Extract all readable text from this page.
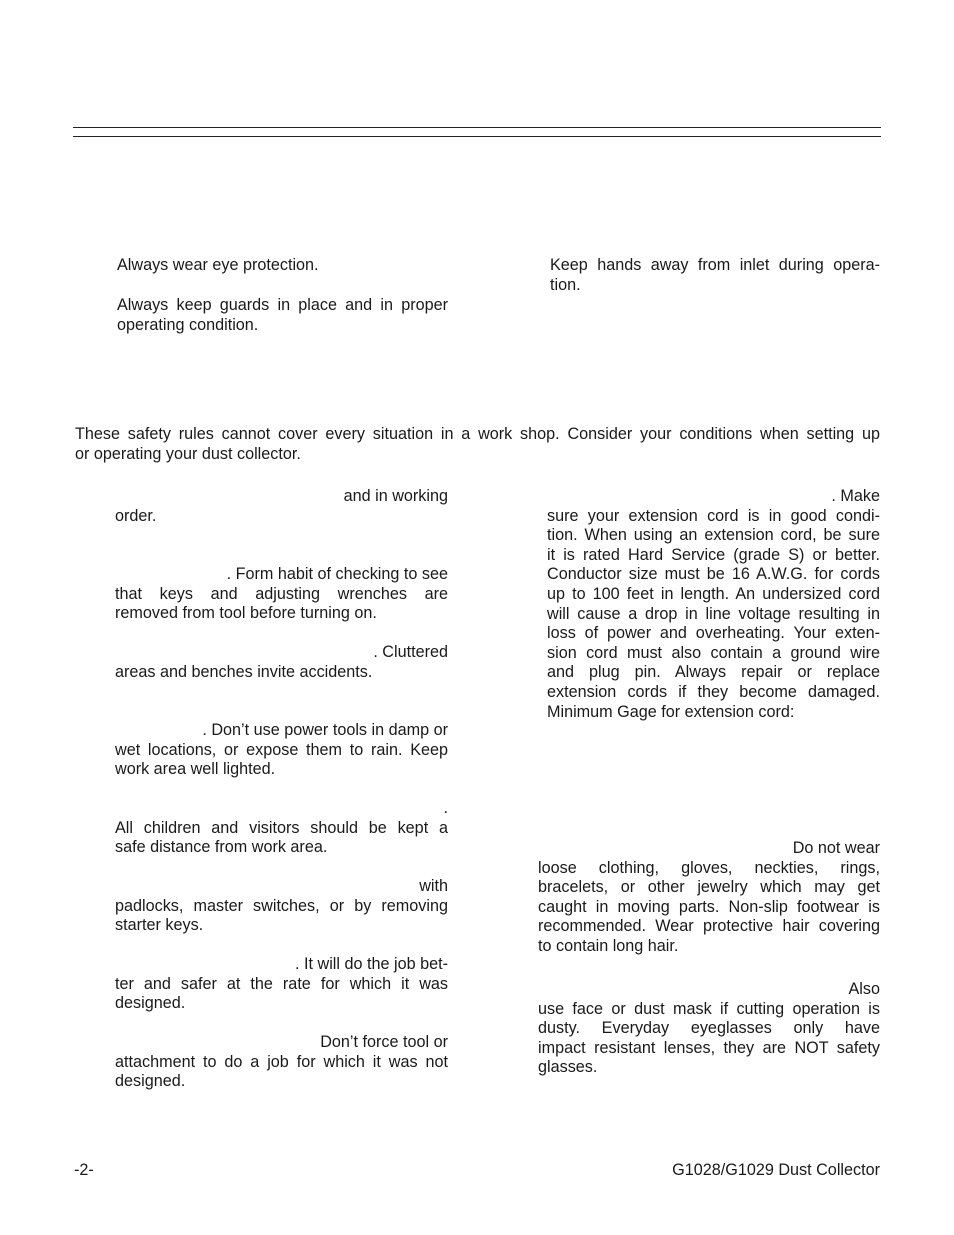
Always wear eye protection.
Always keep guards in place and in proper
operating condition.
Keep hands away from inlet during opera-
tion.
These safety rules cannot cover every situation in a work shop. Consider your conditions when setting up
or operating your dust collector.
and in working
order.
. Form habit of checking to see
that keys and adjusting wrenches are
removed from tool before turning on.
. Cluttered
areas and benches invite accidents.
. Don’t use power tools in damp or
wet locations, or expose them to rain. Keep
work area well lighted.
.
All children and visitors should be kept a
safe distance from work area.
with
padlocks, master switches, or by removing
starter keys.
. It will do the job bet-
ter and safer at the rate for which it was
designed.
Don’t force tool or
attachment to do a job for which it was not
designed.
. Make
sure your extension cord is in good condi-
tion. When using an extension cord, be sure
it is rated Hard Service (grade S) or better.
Conductor size must be 16 A.W.G. for cords
up to 100 feet in length. An undersized cord
will cause a drop in line voltage resulting in
loss of power and overheating. Your exten-
sion cord must also contain a ground wire
and plug pin. Always repair or replace
extension cords if they become damaged.
Minimum Gage for extension cord:
Do not wear
loose clothing, gloves, neckties, rings,
bracelets, or other jewelry which may get
caught in moving parts. Non-slip footwear is
recommended. Wear protective hair covering
to contain long hair.
Also
use face or dust mask if cutting operation is
dusty. Everyday eyeglasses only have
impact resistant lenses, they are NOT safety
glasses.
-2-	G1028/G1029 Dust Collector
